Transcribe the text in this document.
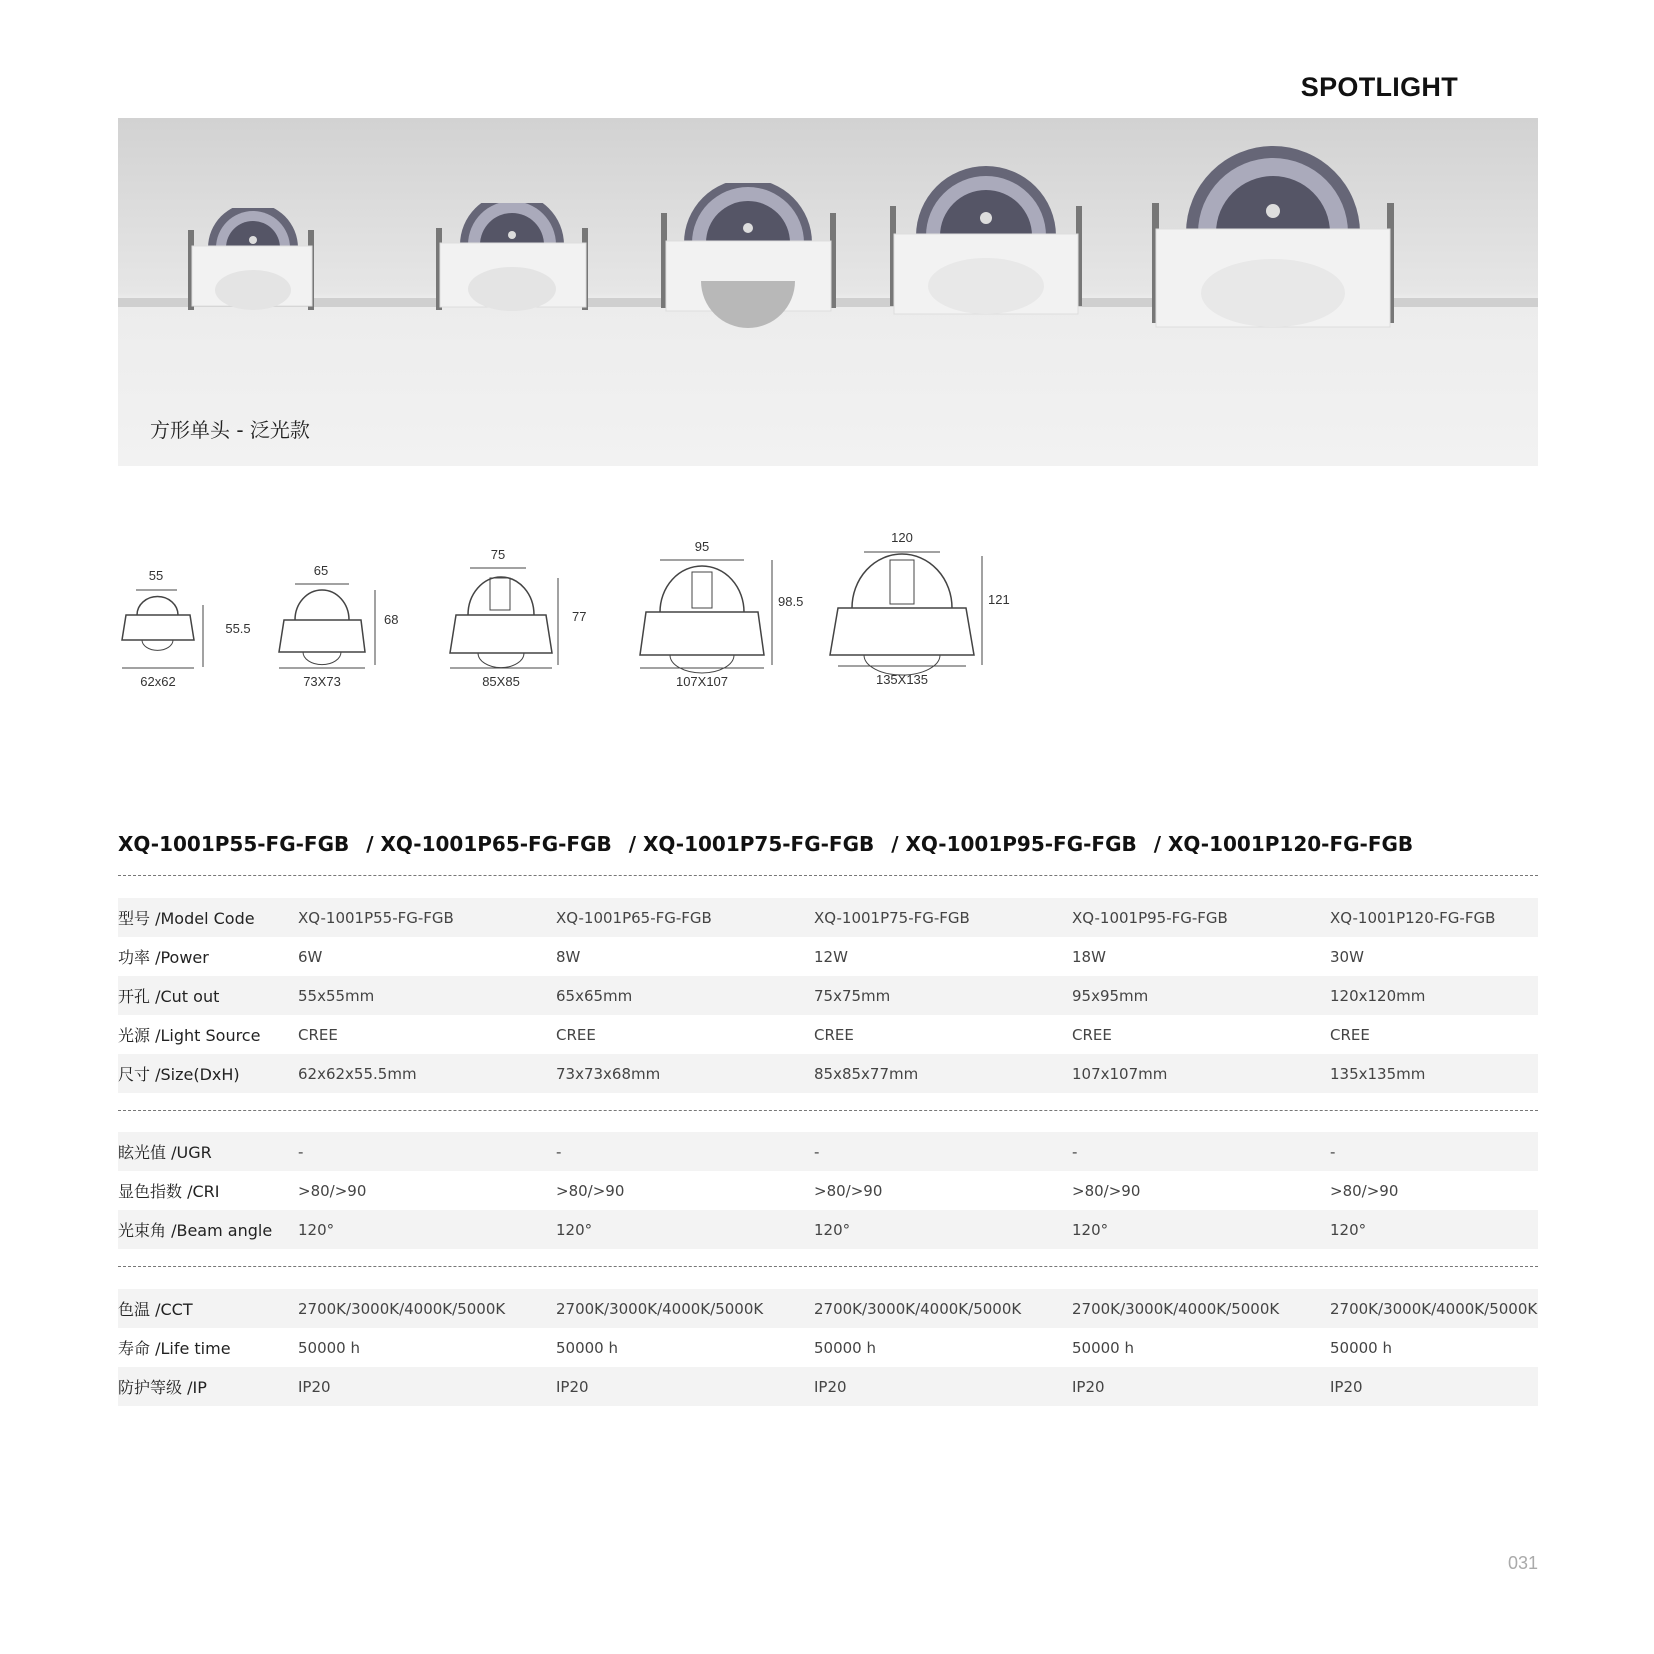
SPOTLIGHT
方形单头 - 泛光款
55
55.5
62x62
65
68
73X73
75
77
85X85
95
98.5
107X107
120
121
135X135
XQ-1001P55-FG-FGB / XQ-1001P65-FG-FGB / XQ-1001P75-FG-FGB / XQ-1001P95-FG-FGB / XQ-1001P120-FG-FGB
型号 /Model Code	XQ-1001P55-FG-FGB	XQ-1001P65-FG-FGB	XQ-1001P75-FG-FGB	XQ-1001P95-FG-FGB	XQ-1001P120-FG-FGB
功率 /Power	6W	8W	12W	18W	30W
开孔 /Cut out	55x55mm	65x65mm	75x75mm	95x95mm	120x120mm
光源 /Light Source	CREE	CREE	CREE	CREE	CREE
尺寸 /Size(DxH)	62x62x55.5mm	73x73x68mm	85x85x77mm	107x107mm	135x135mm
眩光值 /UGR	-	-	-	-	-
显色指数 /CRI	>80/>90	>80/>90	>80/>90	>80/>90	>80/>90
光束角 /Beam angle	120°	120°	120°	120°	120°
色温 /CCT	2700K/3000K/4000K/5000K	2700K/3000K/4000K/5000K	2700K/3000K/4000K/5000K	2700K/3000K/4000K/5000K	2700K/3000K/4000K/5000K
寿命 /Life time	50000 h	50000 h	50000 h	50000 h	50000 h
防护等级 /IP	IP20	IP20	IP20	IP20	IP20
031
